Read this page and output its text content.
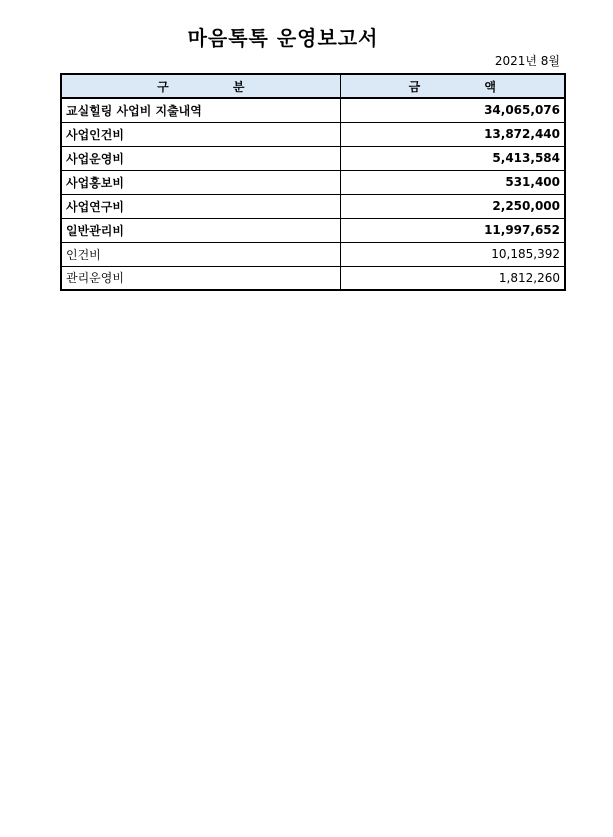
마음톡톡 운영보고서
2021년 8월
구 분	금 액
교실힐링 사업비 지출내역	34,065,076
사업인건비	13,872,440
사업운영비	5,413,584
사업홍보비	531,400
사업연구비	2,250,000
일반관리비	11,997,652
인건비	10,185,392
관리운영비	1,812,260
